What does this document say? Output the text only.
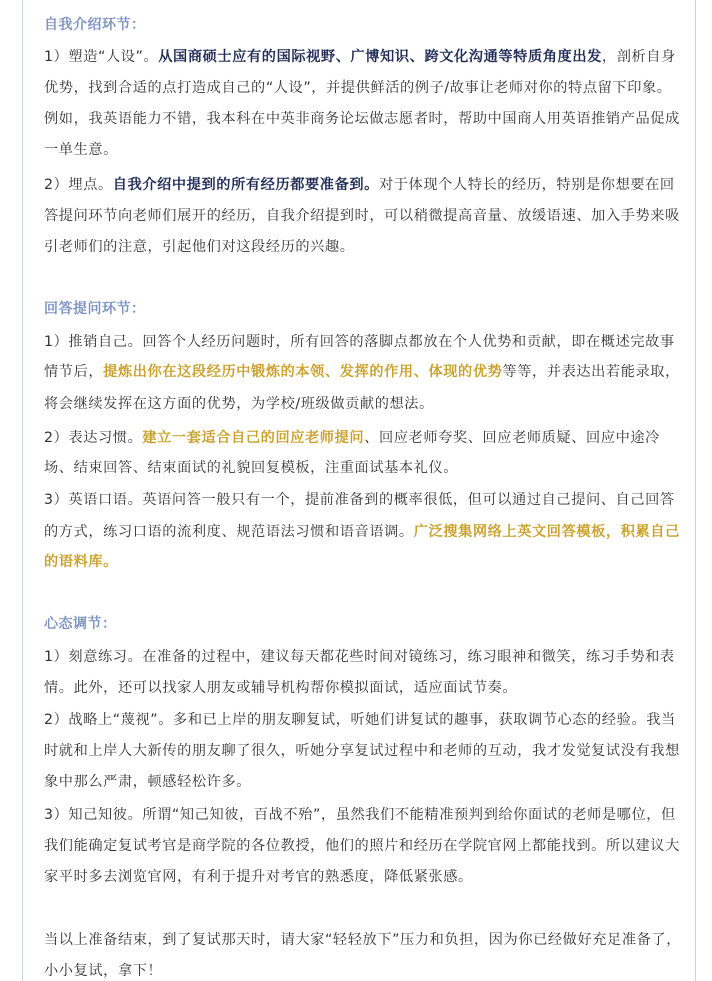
自我介绍环节：
1）塑造“人设”。从国商硕士应有的国际视野、广博知识、跨文化沟通等特质角度出发，剖析自身
优势，找到合适的点打造成自己的“人设”，并提供鲜活的例子/故事让老师对你的特点留下印象。
例如，我英语能力不错，我本科在中英非商务论坛做志愿者时，帮助中国商人用英语推销产品促成
一单生意。
2）埋点。自我介绍中提到的所有经历都要准备到。对于体现个人特长的经历，特别是你想要在回
答提问环节向老师们展开的经历，自我介绍提到时，可以稍微提高音量、放缓语速、加入手势来吸
引老师们的注意，引起他们对这段经历的兴趣。
回答提问环节：
1）推销自己。回答个人经历问题时，所有回答的落脚点都放在个人优势和贡献，即在概述完故事
情节后，提炼出你在这段经历中锻炼的本领、发挥的作用、体现的优势等等，并表达出若能录取，
将会继续发挥在这方面的优势，为学校/班级做贡献的想法。
2）表达习惯。建立一套适合自己的回应老师提问、回应老师夸奖、回应老师质疑、回应中途冷
场、结束回答、结束面试的礼貌回复模板，注重面试基本礼仪。
3）英语口语。英语问答一般只有一个，提前准备到的概率很低，但可以通过自己提问、自己回答
的方式，练习口语的流利度、规范语法习惯和语音语调。广泛搜集网络上英文回答模板，积累自己
的语料库。
心态调节：
1）刻意练习。在准备的过程中，建议每天都花些时间对镜练习，练习眼神和微笑，练习手势和表
情。此外，还可以找家人朋友或辅导机构帮你模拟面试，适应面试节奏。
2）战略上“蔑视”。多和已上岸的朋友聊复试，听她们讲复试的趣事，获取调节心态的经验。我当
时就和上岸人大新传的朋友聊了很久，听她分享复试过程中和老师的互动，我才发觉复试没有我想
象中那么严肃，顿感轻松许多。
3）知己知彼。所谓“知己知彼，百战不殆”，虽然我们不能精准预判到给你面试的老师是哪位，但
我们能确定复试考官是商学院的各位教授，他们的照片和经历在学院官网上都能找到。所以建议大
家平时多去浏览官网，有利于提升对考官的熟悉度，降低紧张感。
当以上准备结束，到了复试那天时，请大家“轻轻放下”压力和负担，因为你已经做好充足准备了，
小小复试，拿下！
